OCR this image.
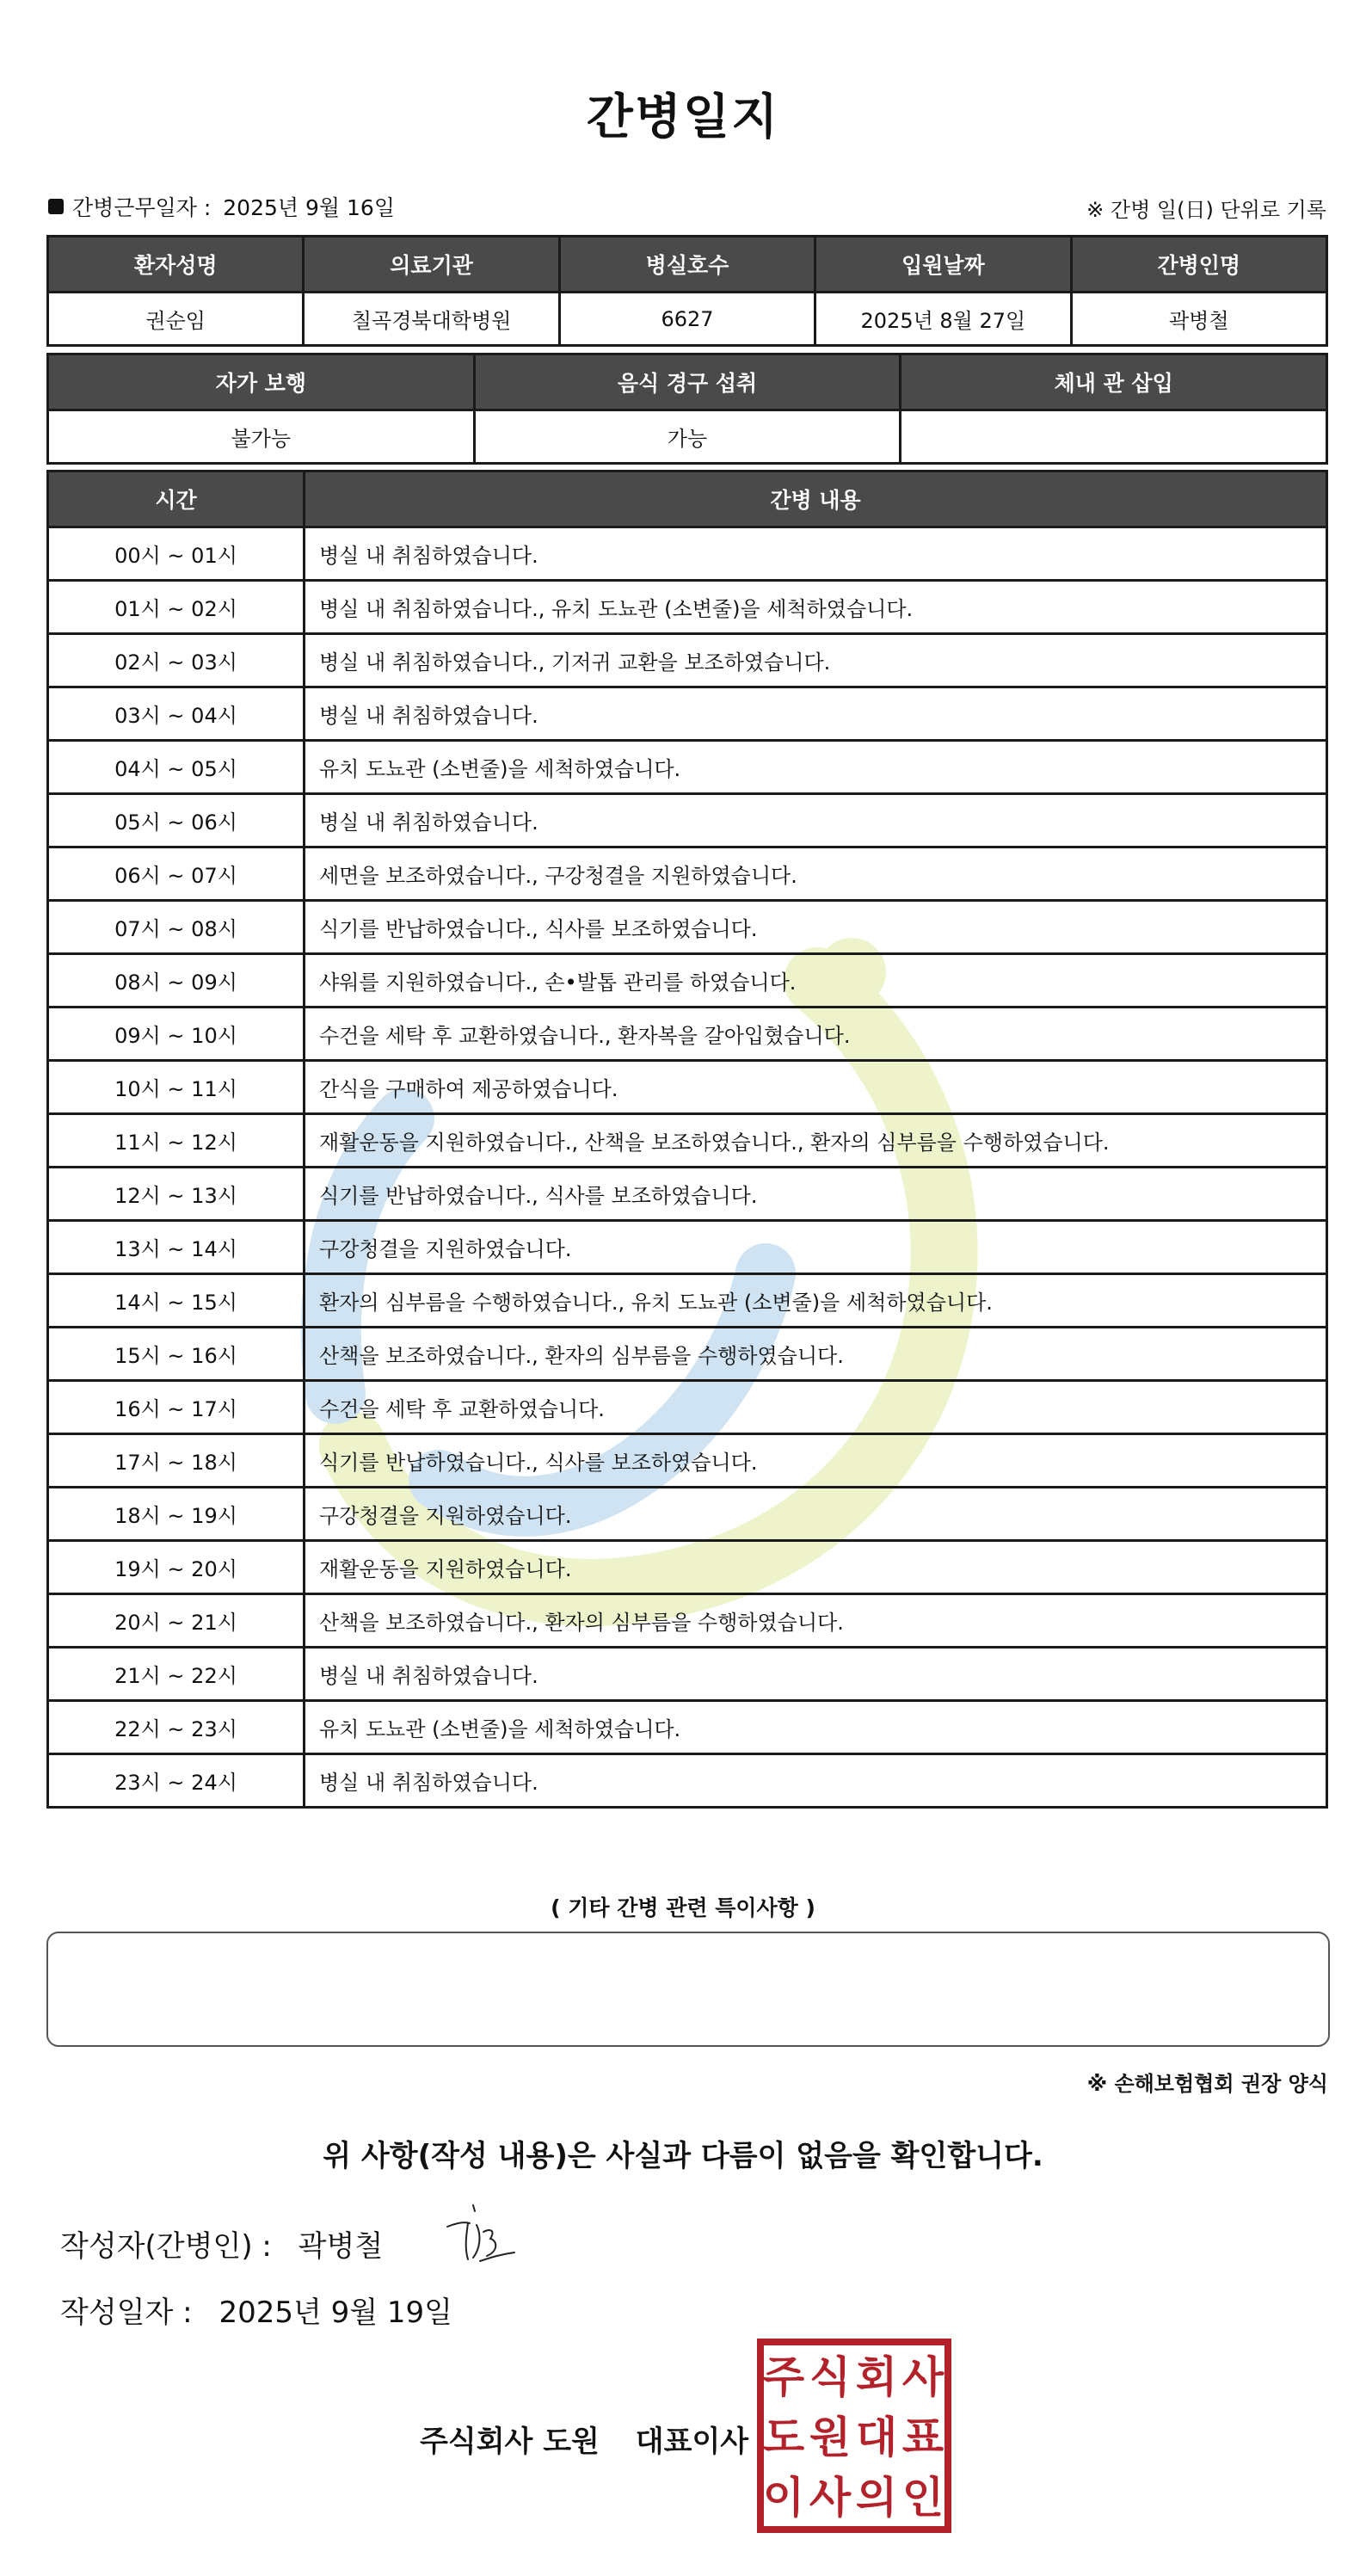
간병일지
간병근무일자 : 2025년 9월 16일	※ 간병 일(日) 단위로 기록
환자성명	의료기관	병실호수	입원날짜	간병인명
권순임	칠곡경북대학병원	6627	2025년 8월 27일	곽병철
자가 보행	음식 경구 섭취	체내 관 삽입
불가능	가능	
시간	간병 내용
00시 ~ 01시	병실 내 취침하였습니다.
01시 ~ 02시	병실 내 취침하였습니다., 유치 도뇨관 (소변줄)을 세척하였습니다.
02시 ~ 03시	병실 내 취침하였습니다., 기저귀 교환을 보조하였습니다.
03시 ~ 04시	병실 내 취침하였습니다.
04시 ~ 05시	유치 도뇨관 (소변줄)을 세척하였습니다.
05시 ~ 06시	병실 내 취침하였습니다.
06시 ~ 07시	세면을 보조하였습니다., 구강청결을 지원하였습니다.
07시 ~ 08시	식기를 반납하였습니다., 식사를 보조하였습니다.
08시 ~ 09시	샤워를 지원하였습니다., 손•발톱 관리를 하였습니다.
09시 ~ 10시	수건을 세탁 후 교환하였습니다., 환자복을 갈아입혔습니다.
10시 ~ 11시	간식을 구매하여 제공하였습니다.
11시 ~ 12시	재활운동을 지원하였습니다., 산책을 보조하였습니다., 환자의 심부름을 수행하였습니다.
12시 ~ 13시	식기를 반납하였습니다., 식사를 보조하였습니다.
13시 ~ 14시	구강청결을 지원하였습니다.
14시 ~ 15시	환자의 심부름을 수행하였습니다., 유치 도뇨관 (소변줄)을 세척하였습니다.
15시 ~ 16시	산책을 보조하였습니다., 환자의 심부름을 수행하였습니다.
16시 ~ 17시	수건을 세탁 후 교환하였습니다.
17시 ~ 18시	식기를 반납하였습니다., 식사를 보조하였습니다.
18시 ~ 19시	구강청결을 지원하였습니다.
19시 ~ 20시	재활운동을 지원하였습니다.
20시 ~ 21시	산책을 보조하였습니다., 환자의 심부름을 수행하였습니다.
21시 ~ 22시	병실 내 취침하였습니다.
22시 ~ 23시	유치 도뇨관 (소변줄)을 세척하였습니다.
23시 ~ 24시	병실 내 취침하였습니다.
( 기타 간병 관련 특이사항 )
※ 손해보험협회 권장 양식
위 사항(작성 내용)은 사실과 다름이 없음을 확인합니다.
작성자(간병인) : 곽병철
작성일자 : 2025년 9월 19일
주식회사 도원 대표이사
주 식 회 사
도 원 대 표
이 사 의 인
